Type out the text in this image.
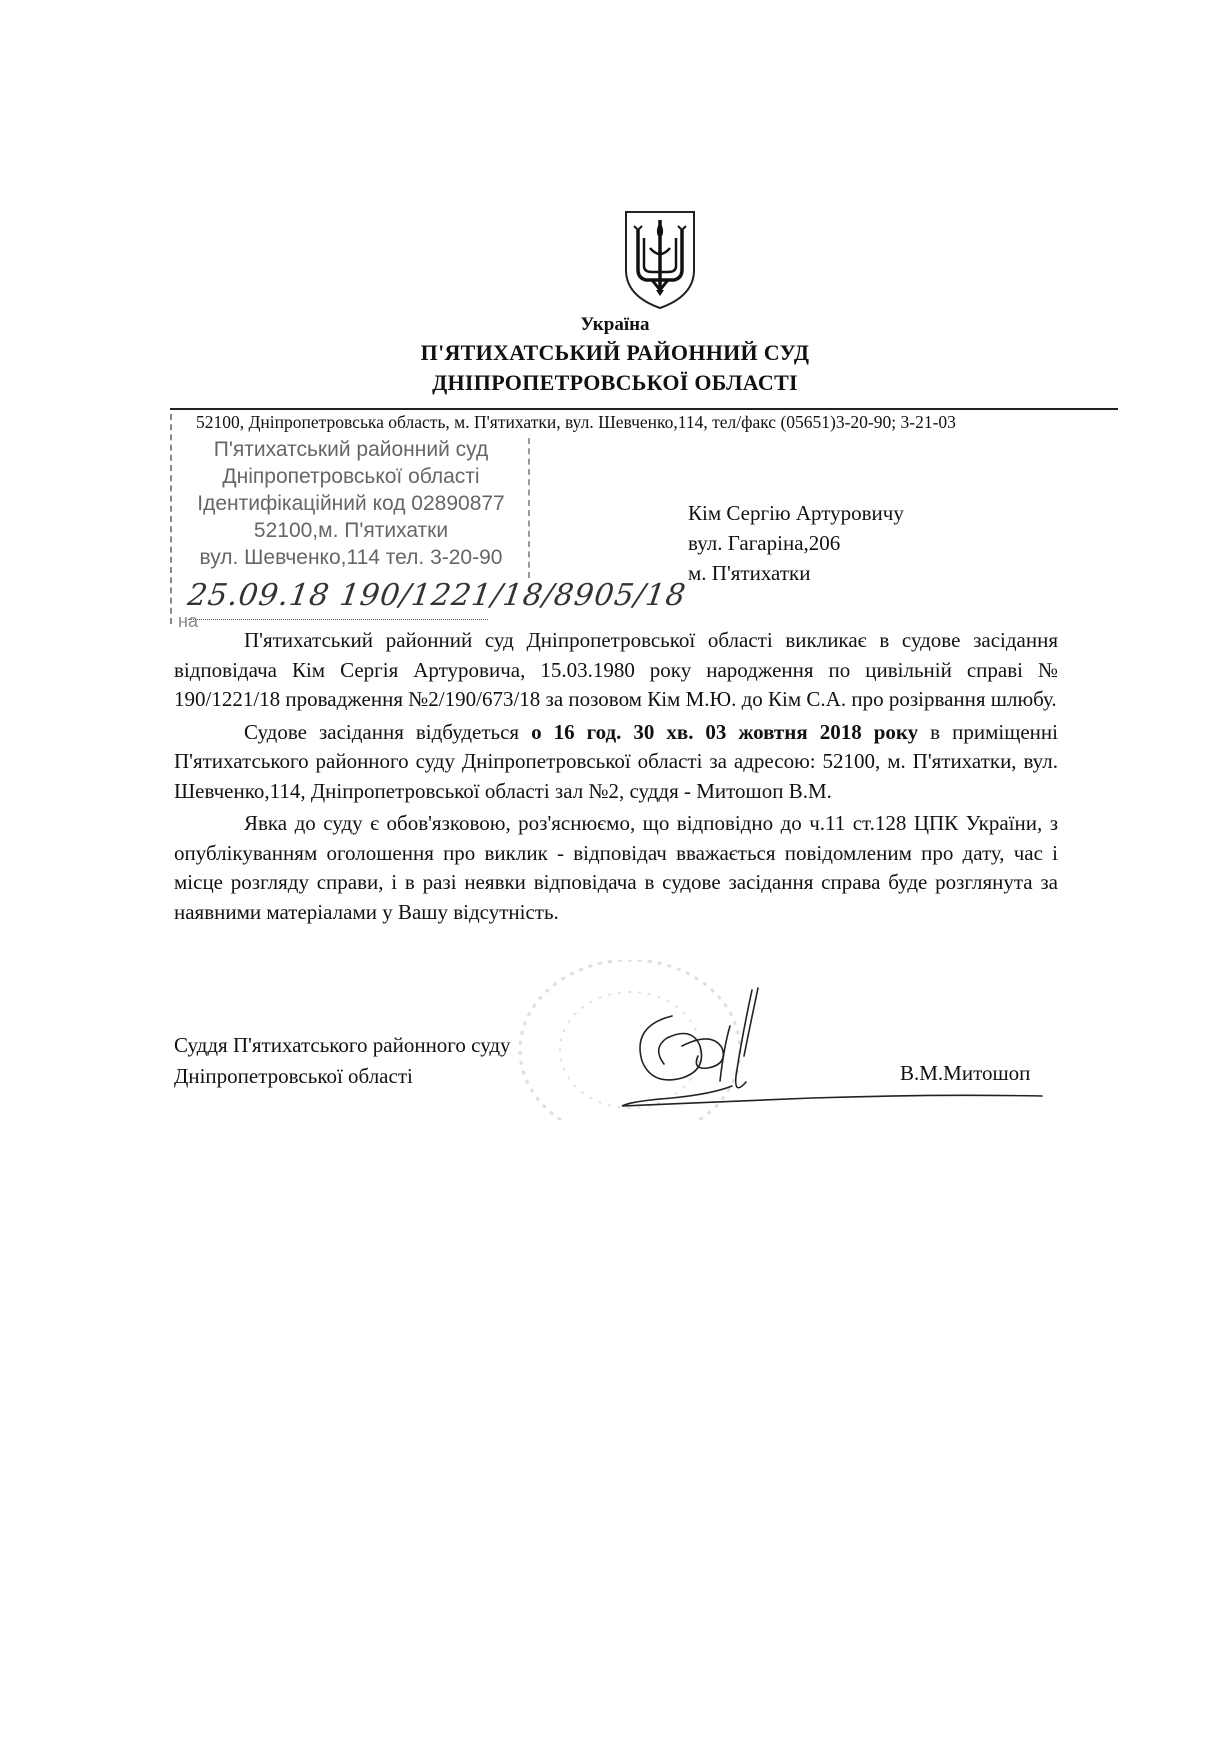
Україна
П'ЯТИХАТСЬКИЙ РАЙОННИЙ СУД
ДНІПРОПЕТРОВСЬКОЇ ОБЛАСТІ
52100, Дніпропетровська область, м. П'ятихатки, вул. Шевченко,114, тел/факс (05651)3-20-90; 3-21-03
П'ятихатський районний суд
Дніпропетровської області
Ідентифікаційний код 02890877
52100,м. П'ятихатки
вул. Шевченко,114 тел. 3-20-90
25.09.18 190/1221/18/8905/18
на
Кім Сергію Артуровичу
вул. Гагаріна,206
м. П'ятихатки

П'ятихатський районний суд Дніпропетровської області викликає в судове засідання відповідача Кім Сергія Артуровича, 15.03.1980 року народження по цивільній справі № 190/1221/18 провадження №2/190/673/18 за позовом Кім М.Ю. до Кім С.А. про розірвання шлюбу.

Судове засідання відбудеться о 16 год. 30 хв. 03 жовтня 2018 року в приміщенні П'ятихатського районного суду Дніпропетровської області за адресою: 52100, м. П'ятихатки, вул. Шевченко,114, Дніпропетровської області зал №2, суддя - Митошоп В.М.

Явка до суду є обов'язковою, роз'яснюємо, що відповідно до ч.11 ст.128 ЦПК України, з опублікуванням оголошення про виклик - відповідач вважається повідомленим про дату, час і місце розгляду справи, і в разі неявки відповідача в судове засідання справа буде розглянута за наявними матеріалами у Вашу відсутність.

Суддя П'ятихатського районного суду
Дніпропетровської області	В.М.Митошоп
